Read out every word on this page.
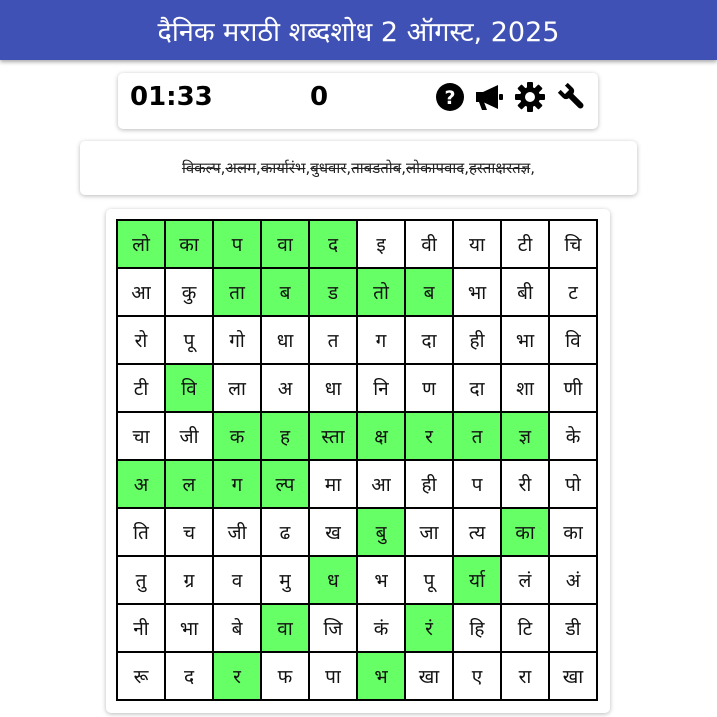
दैनिक मराठी शब्दशोध 2 ऑगस्ट, 2025
01:33	0	?
विकल्प , अलम , कार्यारंभ , बुधवार , ताबडतोब , लोकापवाद , हस्ताक्षरतज्ञ ,
लो	का	प	वा	द	इ	वी	या	टी	चि
आ	कु	ता	ब	ड	तो	ब	भा	बी	ट
रो	पू	गो	धा	त	ग	दा	ही	भा	वि
टी	वि	ला	अ	धा	नि	ण	दा	शा	णी
चा	जी	क	ह	स्ता	क्ष	र	त	ज्ञ	के
अ	ल	ग	ल्प	मा	आ	ही	प	री	पो
ति	च	जी	ढ	ख	बु	जा	त्य	का	का
तु	ग्र	व	मु	ध	भ	पू	र्या	लं	अं
नी	भा	बे	वा	जि	कं	रं	हि	टि	डी
रू	द	र	फ	पा	भ	खा	ए	रा	खा
